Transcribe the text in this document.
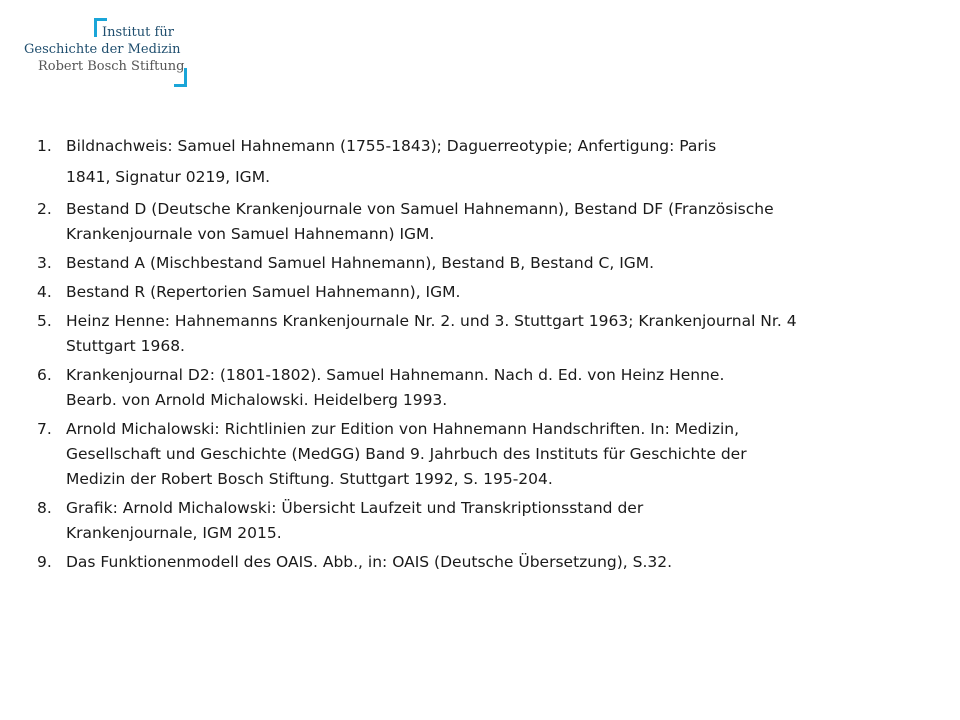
Institut für
Geschichte der Medizin
Robert Bosch Stiftung
1. Bildnachweis: Samuel Hahnemann (1755-1843); Daguerreotypie; Anfertigung: Paris
1841, Signatur 0219, IGM.
2. Bestand D (Deutsche Krankenjournale von Samuel Hahnemann), Bestand DF (Französische
Krankenjournale von Samuel Hahnemann) IGM.
3. Bestand A (Mischbestand Samuel Hahnemann), Bestand B, Bestand C, IGM.
4. Bestand R (Repertorien Samuel Hahnemann), IGM.
5. Heinz Henne: Hahnemanns Krankenjournale Nr. 2. und 3. Stuttgart 1963; Krankenjournal Nr. 4
Stuttgart 1968.
6. Krankenjournal D2: (1801-1802). Samuel Hahnemann. Nach d. Ed. von Heinz Henne.
Bearb. von Arnold Michalowski. Heidelberg 1993.
7. Arnold Michalowski: Richtlinien zur Edition von Hahnemann Handschriften. In: Medizin,
Gesellschaft und Geschichte (MedGG) Band 9. Jahrbuch des Instituts für Geschichte der
Medizin der Robert Bosch Stiftung. Stuttgart 1992, S. 195-204.
8. Grafik: Arnold Michalowski: Übersicht Laufzeit und Transkriptionsstand der
Krankenjournale, IGM 2015.
9. Das Funktionenmodell des OAIS. Abb., in: OAIS (Deutsche Übersetzung), S.32.
